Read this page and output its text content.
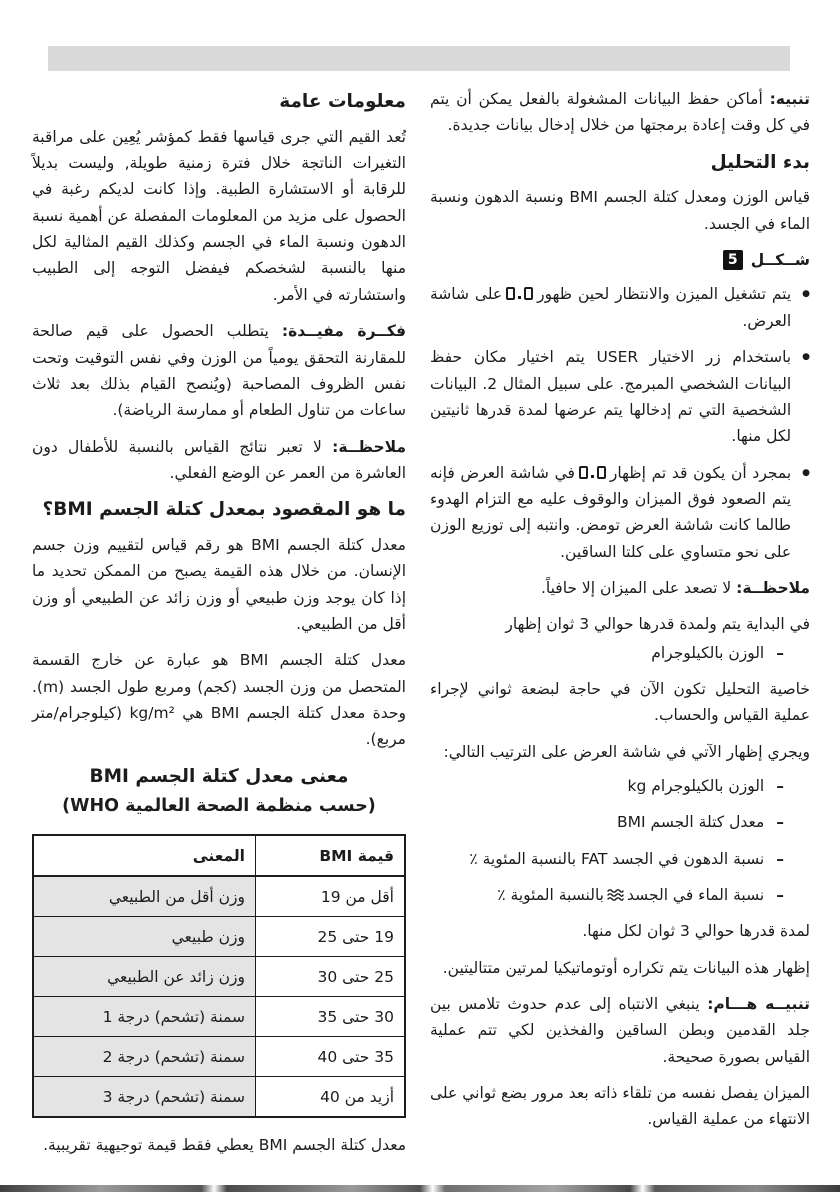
تنبيه: أماكن حفظ البيانات المشغولة بالفعل يمكن أن يتم في كل وقت إعادة برمجتها من خلال إدخال بيانات جديدة.

بدء التحليل

قياس الوزن ومعدل كتلة الجسم BMI ونسبة الدهون ونسبة الماء في الجسد.

شــكــل
5
●
يتم تشغيل الميزن والانتظار لحين ظهور
على شاشة العرض.
●
باستخدام زر الاختيار USER يتم اختيار مكان حفظ البيانات الشخصي المبرمج. على سبيل المثال 2. البيانات الشخصية التي تم إدخالها يتم عرضها لمدة قدرها ثانيتين لكل منها.
●
بمجرد أن يكون قد تم إظهار
في شاشة العرض فإنه يتم الصعود فوق الميزان والوقوف عليه مع التزام الهدوء طالما كانت شاشة العرض تومض. وانتبه إلى توزيع الوزن على نحو متساوي على كلتا الساقين.

ملاحظــة: لا تصعد على الميزان إلا حافياً.

في البداية يتم ولمدة قدرها حوالي 3 ثوان إظهار

–
الوزن بالكيلوجرام

خاصية التحليل تكون الآن في حاجة لبضعة ثواني لإجراء عملية القياس والحساب.

ويجري إظهار الآتي في شاشة العرض على الترتيب التالي:

–
الوزن بالكيلوجرام kg
–
معدل كتلة الجسم BMI
–
نسبة الدهون في الجسد FAT بالنسبة المئوية ٪
–
نسبة الماء في الجسدبالنسبة المئوية ٪

لمدة قدرها حوالي 3 ثوان لكل منها.

إظهار هذه البيانات يتم تكراره أوتوماتيكيا لمرتين متتاليتين.

تنبيــه هـــام: ينبغي الانتباه إلى عدم حدوث تلامس بين جلد القدمين وبطن الساقين والفخذين لكي تتم عملية القياس بصورة صحيحة.

الميزان يفصل نفسه من تلقاء ذاته بعد مرور بضع ثواني على الانتهاء من عملية القياس.

معلومات عامة

تُعد القيم التي جرى قياسها فقط كمؤشر يُعِين على مراقبة التغيرات الناتجة خلال فترة زمنية طويلة, وليست بديلاً للرقابة أو الاستشارة الطبية. وإذا كانت لديكم رغبة في الحصول على مزيد من المعلومات المفصلة عن أهمية نسبة الدهون ونسبة الماء في الجسم وكذلك القيم المثالية لكل منها بالنسبة لشخصكم فيفضل التوجه إلى الطبيب واستشارته في الأمر.

فكــرة مفيــدة: يتطلب الحصول على قيم صالحة للمقارنة التحقق يومياً من الوزن وفي نفس التوقيت وتحت نفس الظروف المصاحبة (ويُنصح القيام بذلك بعد ثلاث ساعات من تناول الطعام أو ممارسة الرياضة).

ملاحظــة: لا تعبر نتائج القياس بالنسبة للأطفال دون العاشرة من العمر عن الوضع الفعلي.

ما هو المقصود بمعدل كتلة الجسم BMI؟

معدل كتلة الجسم BMI هو رقم قياس لتقييم وزن جسم الإنسان. من خلال هذه القيمة يصبح من الممكن تحديد ما إذا كان يوجد وزن طبيعي أو وزن زائد عن الطبيعي أو وزن أقل من الطبيعي.

معدل كتلة الجسم BMI هو عبارة عن خارج القسمة المتحصل من وزن الجسد (كجم) ومربع طول الجسد (m). وحدة معدل كتلة الجسم BMI هي kg/m² (كيلوجرام/متر مربع).

معنى معدل كتلة الجسم BMI
(حسب منظمة الصحة العالمية WHO)
قيمة BMI	المعنى
أقل من 19	وزن أقل من الطبيعي
19 حتى 25	وزن طبيعي
25 حتى 30	وزن زائد عن الطبيعي
30 حتى 35	سمنة (تشحم) درجة 1
35 حتى 40	سمنة (تشحم) درجة 2
أزيد من 40	سمنة (تشحم) درجة 3

معدل كتلة الجسم BMI يعطي فقط قيمة توجيهية تقريبية.
